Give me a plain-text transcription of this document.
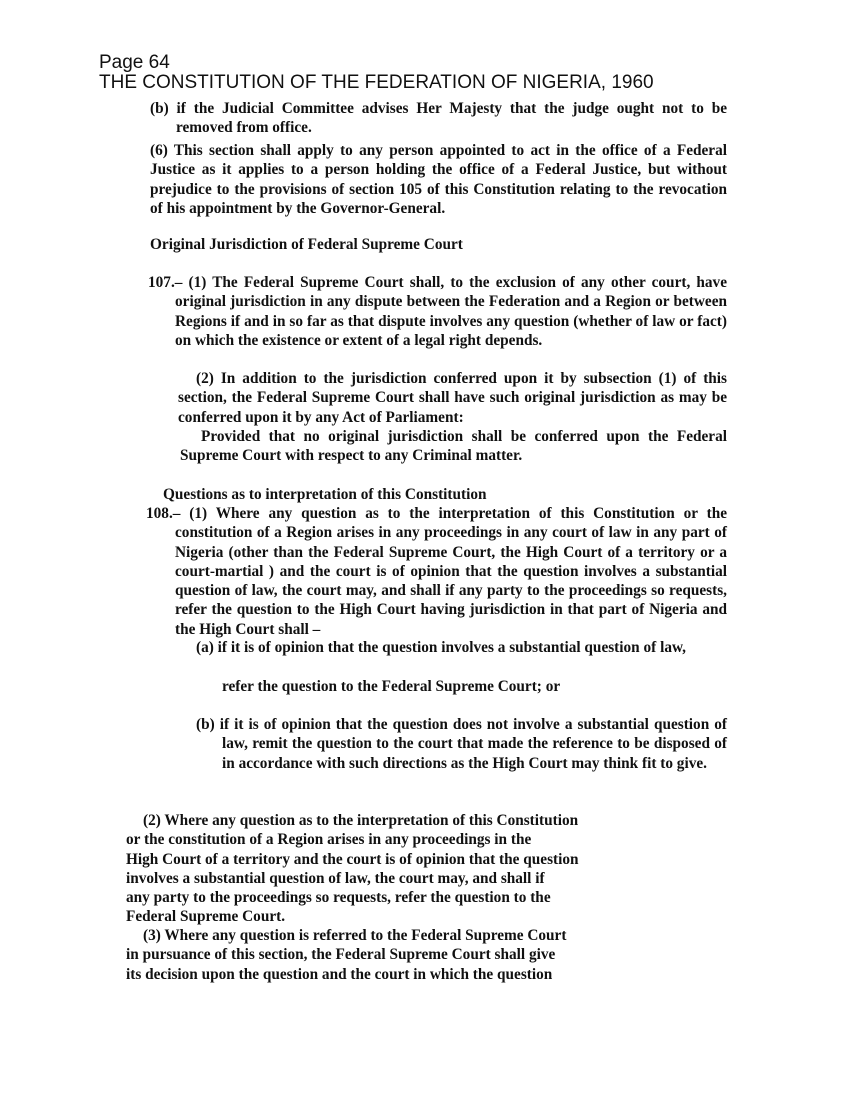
Page 64
THE CONSTITUTION OF THE FEDERATION OF NIGERIA, 1960

(b) if the Judicial Committee advises Her Majesty that the judge ought not to be removed from office.

(6) This section shall apply to any person appointed to act in the office of a Federal Justice as it applies to a person holding the office of a Federal Justice, but without prejudice to the provisions of section 105 of this Constitution relating to the revocation of his appointment by the Governor-General.

Original Jurisdiction of Federal Supreme Court

107.– (1) The Federal Supreme Court shall, to the exclusion of any other court, have original jurisdiction in any dispute between the Federation and a Region or between Regions if and in so far as that dispute involves any question (whether of law or fact) on which the existence or extent of a legal right depends.

(2) In addition to the jurisdiction conferred upon it by subsection (1) of this section, the Federal Supreme Court shall have such original jurisdiction as may be conferred upon it by any Act of Parliament:

Provided that no original jurisdiction shall be conferred upon the Federal Supreme Court with respect to any Criminal matter.

Questions as to interpretation of this Constitution

108.– (1) Where any question as to the interpretation of this Constitution or the constitution of a Region arises in any proceedings in any court of law in any part of Nigeria (other than the Federal Supreme Court, the High Court of a territory or a court-martial ) and the court is of opinion that the question involves a substantial question of law, the court may, and shall if any party to the proceedings so requests, refer the question to the High Court having jurisdiction in that part of Nigeria and the High Court shall –

(a) if it is of opinion that the question involves a substantial question of law,

refer the question to the Federal Supreme Court; or

(b) if it is of opinion that the question does not involve a substantial question of law, remit the question to the court that made the reference to be disposed of in accordance with such directions as the High Court may think fit to give.

(2) Where any question as to the interpretation of this Constitution
or the constitution of a Region arises in any proceedings in the
High Court of a territory and the court is of opinion that the question
involves a substantial question of law, the court may, and shall if
any party to the proceedings so requests, refer the question to the
Federal Supreme Court.
(3) Where any question is referred to the Federal Supreme Court
in pursuance of this section, the Federal Supreme Court shall give
its decision upon the question and the court in which the question
